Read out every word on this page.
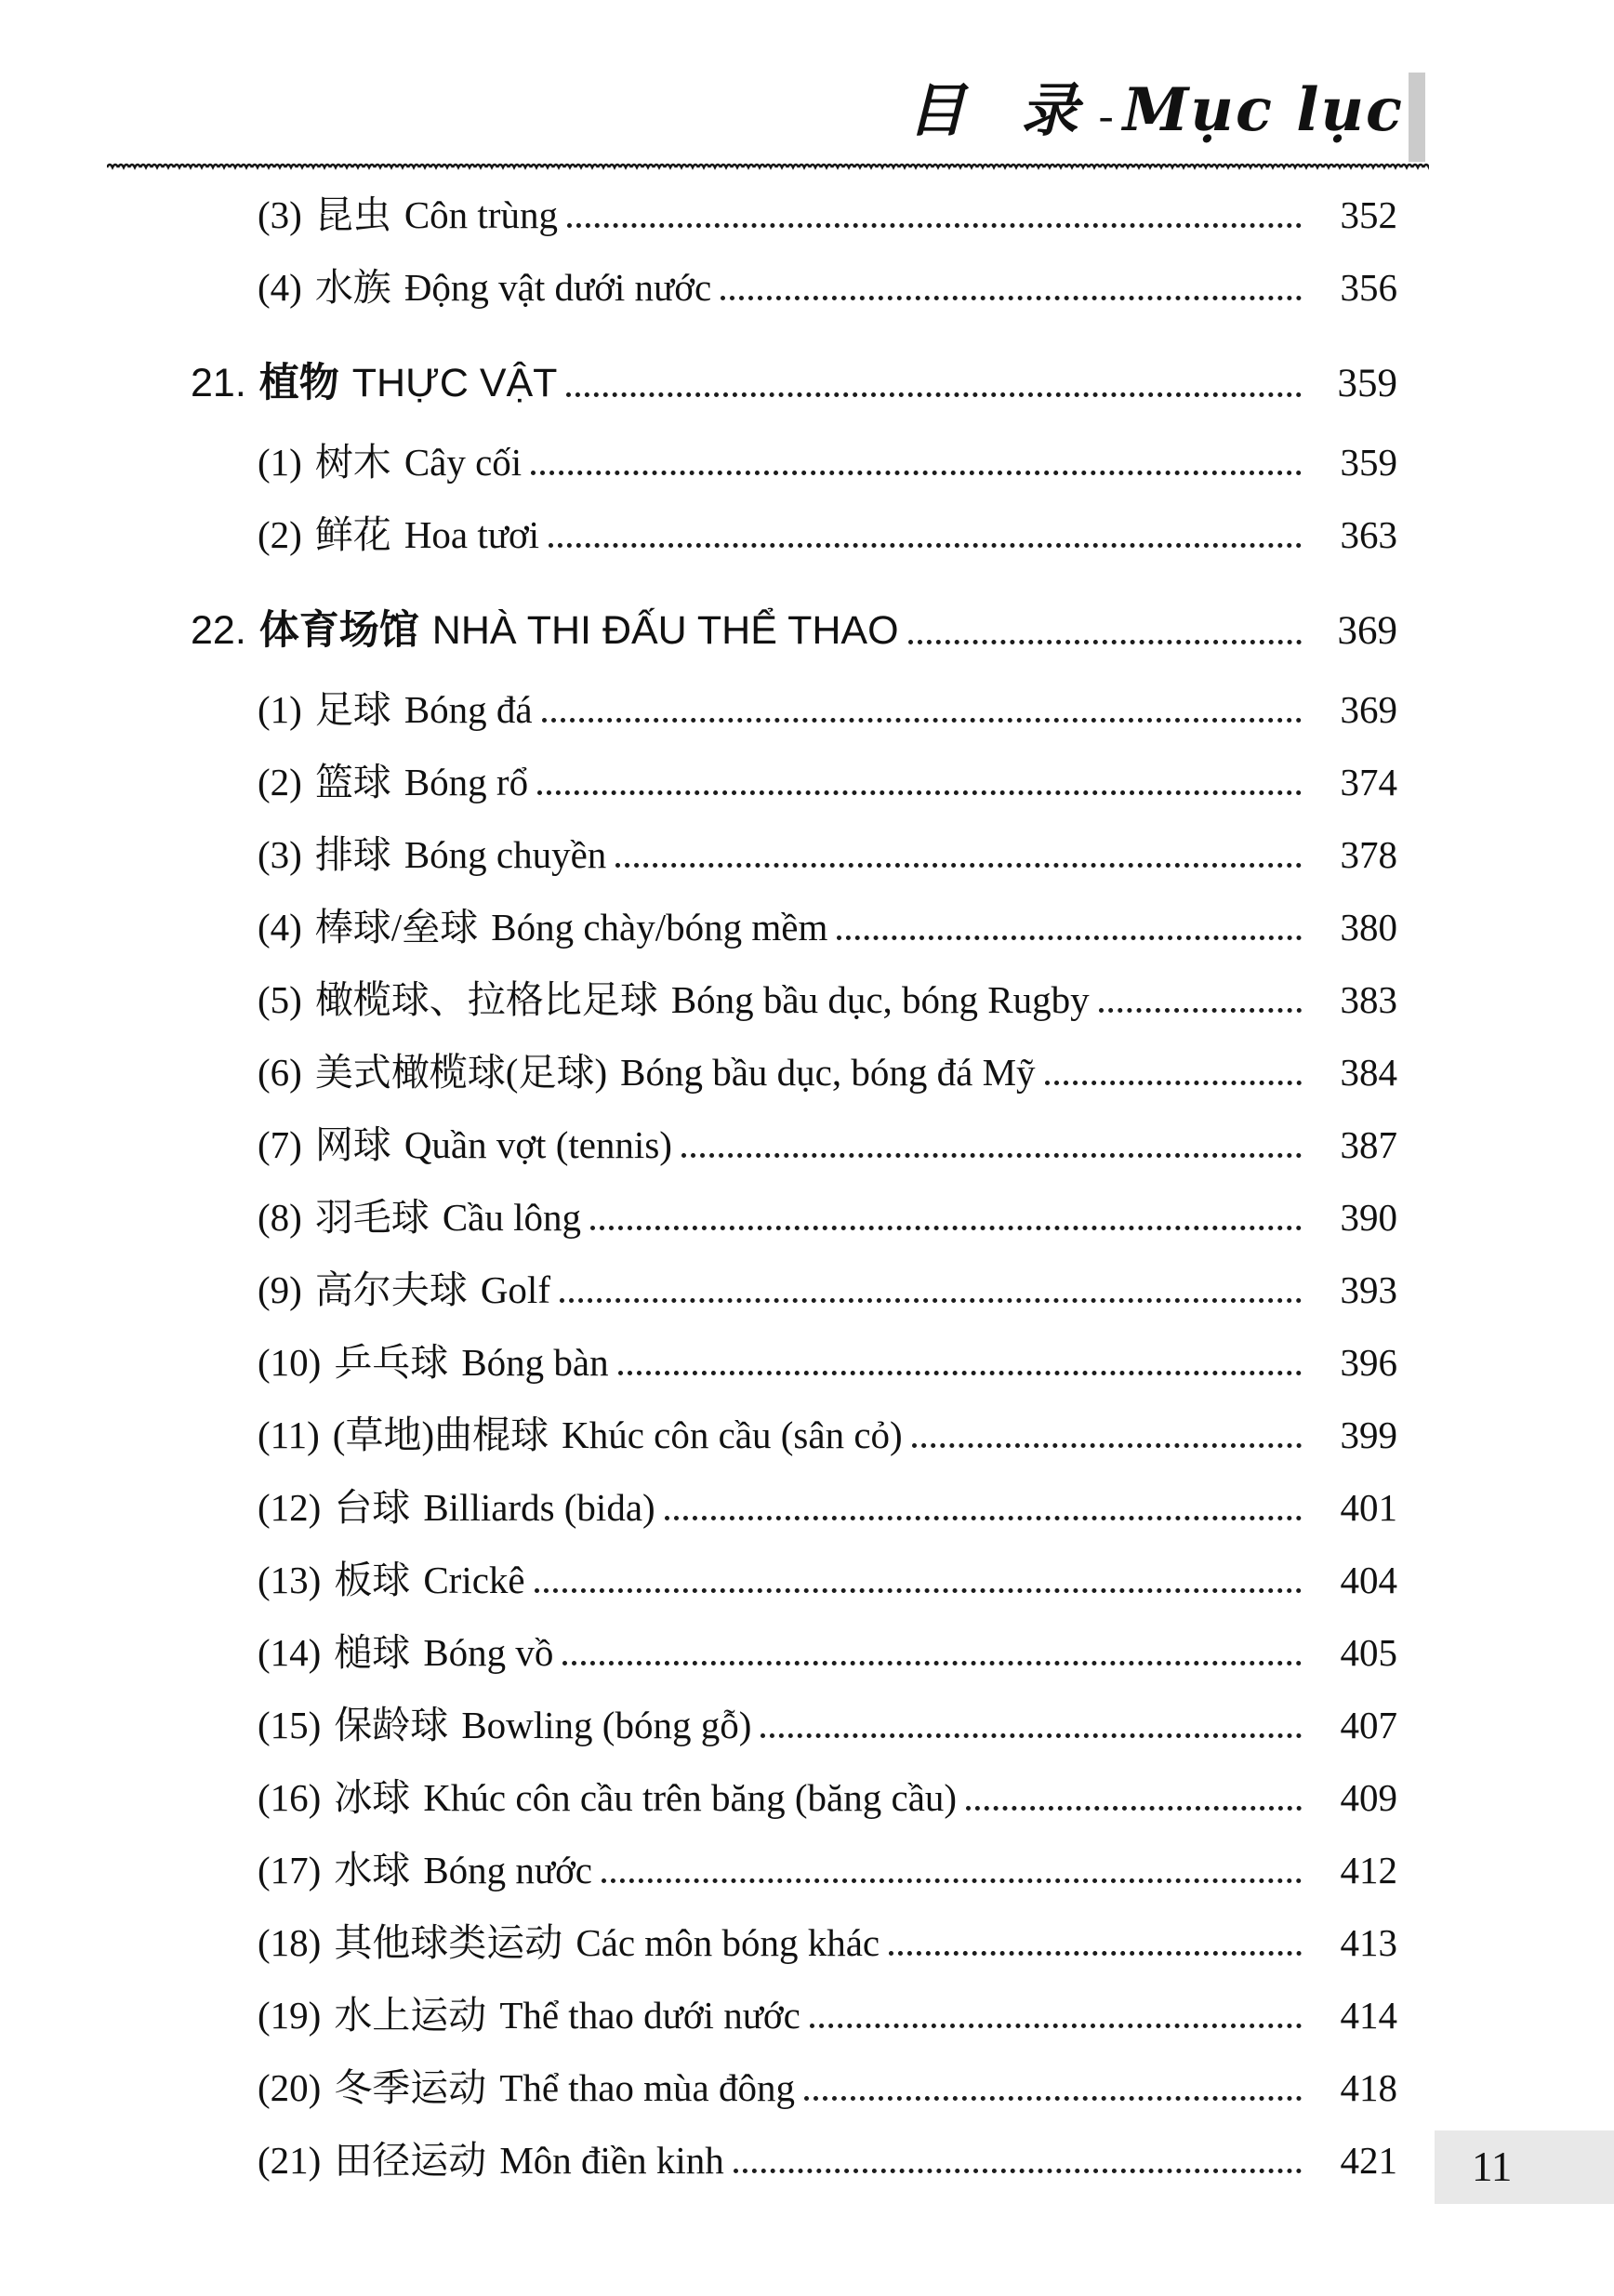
目 录- Mục lục
(3) 昆虫 Côn trùng	352
(4) 水族 Động vật dưới nước	356
21. 植物 THỰC VẬT	359
(1) 树木 Cây cối	359
(2) 鲜花 Hoa tươi	363
22. 体育场馆 NHÀ THI ĐẤU THỂ THAO	369
(1) 足球 Bóng đá	369
(2) 篮球 Bóng rổ	374
(3) 排球 Bóng chuyền	378
(4) 棒球/垒球 Bóng chày/bóng mềm	380
(5) 橄榄球、拉格比足球 Bóng bầu dục, bóng Rugby	383
(6) 美式橄榄球(足球) Bóng bầu dục, bóng đá Mỹ	384
(7) 网球 Quần vợt (tennis)	387
(8) 羽毛球 Cầu lông	390
(9) 高尔夫球 Golf	393
(10) 乒乓球 Bóng bàn	396
(11) (草地)曲棍球 Khúc côn cầu (sân cỏ)	399
(12) 台球 Billiards (bida)	401
(13) 板球 Crickê	404
(14) 槌球 Bóng vồ	405
(15) 保龄球 Bowling (bóng gỗ)	407
(16) 冰球 Khúc côn cầu trên băng (băng cầu)	409
(17) 水球 Bóng nước	412
(18) 其他球类运动 Các môn bóng khác	413
(19) 水上运动 Thể thao dưới nước	414
(20) 冬季运动 Thể thao mùa đông	418
(21) 田径运动 Môn điền kinh	421 11
